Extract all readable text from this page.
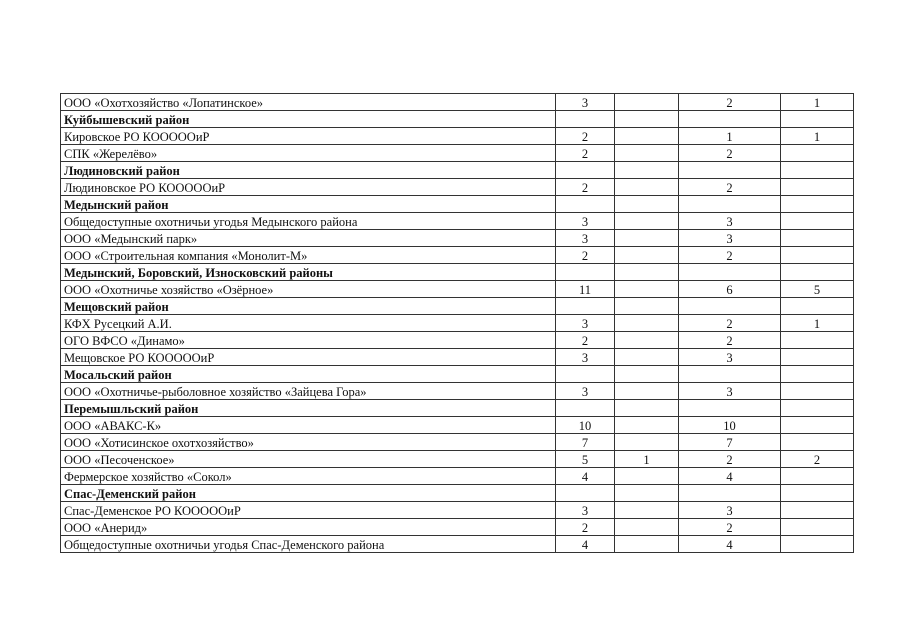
ООО «Охотхозяйство «Лопатинское»	3		2	1
Куйбышевский район				
Кировское РО КОООООиР	2		1	1
СПК «Жерелёво»	2		2	
Людиновский район				
Людиновское РО КОООООиР	2		2	
Медынский район				
Общедоступные охотничьи угодья Медынского района	3		3	
ООО «Медынский парк»	3		3	
ООО «Строительная компания «Монолит-М»	2		2	
Медынский, Боровский, Износковский районы				
ООО «Охотничье хозяйство «Озёрное»	11		6	5
Мещовский район				
КФХ Русецкий А.И.	3		2	1
ОГО ВФСО «Динамо»	2		2	
Мещовское РО КОООООиР	3		3	
Мосальский район				
ООО «Охотничье-рыболовное хозяйство «Зайцева Гора»	3		3	
Перемышльский район				
ООО «АВАКС-К»	10		10	
ООО «Хотисинское охотхозяйство»	7		7	
ООО «Песоченское»	5	1	2	2
Фермерское хозяйство «Сокол»	4		4	
Спас-Деменский район				
Спас-Деменское РО КОООООиР	3		3	
ООО «Анерид»	2		2	
Общедоступные охотничьи угодья Спас-Деменского района	4		4	
